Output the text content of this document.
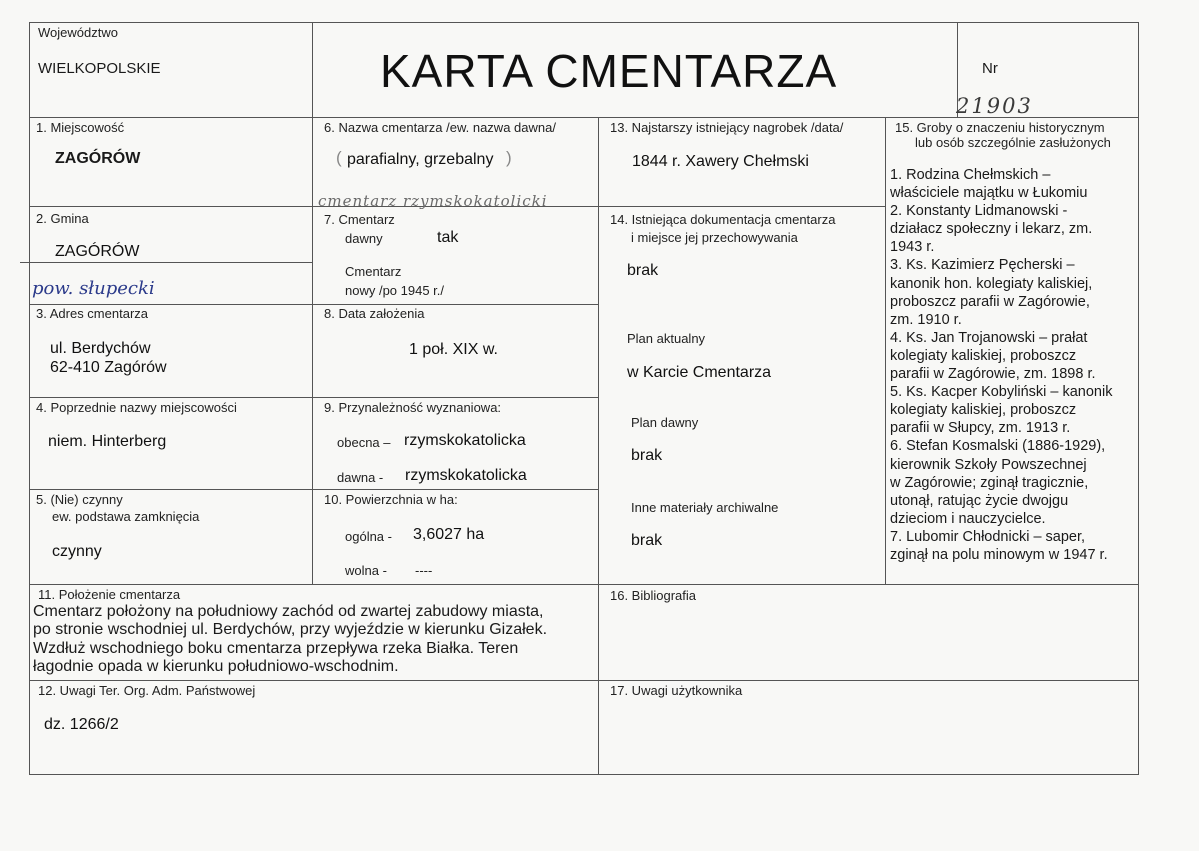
Województwo
WIELKOPOLSKIE	KARTA CMENTARZA	Nr
21903
1. Miejscowość
ZAGÓRÓW
2. Gmina
ZAGÓRÓW
pow. słupecki
3. Adres cmentarza
ul. Berdychów
62-410 Zagórów
4. Poprzednie nazwy miejscowości
niem. Hinterberg
5. (Nie) czynny
ew. podstawa zamknięcia
czynny
6. Nazwa cmentarza /ew. nazwa dawna/
( parafialny, grzebalny )
cmentarz rzymskokatolicki
7. Cmentarz
dawny	tak
Cmentarz
nowy /po 1945 r./
8. Data założenia
1 poł. XIX w.
9. Przynależność wyznaniowa:
obecna – rzymskokatolicka
dawna - rzymskokatolicka
10. Powierzchnia w ha:
ogólna - 3,6027 ha
wolna - ----
13. Najstarszy istniejący nagrobek /data/
1844 r. Xawery Chełmski
14. Istniejąca dokumentacja cmentarza
i miejsce jej przechowywania
brak
Plan aktualny
w Karcie Cmentarza
Plan dawny
brak
Inne materiały archiwalne
brak
15. Groby o znaczeniu historycznym
lub osób szczególnie zasłużonych
1. Rodzina Chełmskich –
właściciele majątku w Łukomiu
2. Konstanty Lidmanowski -
działacz społeczny i lekarz, zm.
1943 r.
3. Ks. Kazimierz Pęcherski –
kanonik hon. kolegiaty kaliskiej,
proboszcz parafii w Zagórowie,
zm. 1910 r.
4. Ks. Jan Trojanowski – prałat
kolegiaty kaliskiej, proboszcz
parafii w Zagórowie, zm. 1898 r.
5. Ks. Kacper Kobyliński – kanonik
kolegiaty kaliskiej, proboszcz
parafii w Słupcy, zm. 1913 r.
6. Stefan Kosmalski (1886-1929),
kierownik Szkoły Powszechnej
w Zagórowie; zginął tragicznie,
utonął, ratując życie dwojgu
dzieciom i nauczycielce.
7. Lubomir Chłodnicki – saper,
zginął na polu minowym w 1947 r.
11. Położenie cmentarza
Cmentarz położony na południowy zachód od zwartej zabudowy miasta,
po stronie wschodniej ul. Berdychów, przy wyjeździe w kierunku Gizałek.
Wzdłuż wschodniego boku cmentarza przepływa rzeka Białka. Teren
łagodnie opada w kierunku południowo-wschodnim.
16. Bibliografia
12. Uwagi Ter. Org. Adm. Państwowej
dz. 1266/2
17. Uwagi użytkownika
